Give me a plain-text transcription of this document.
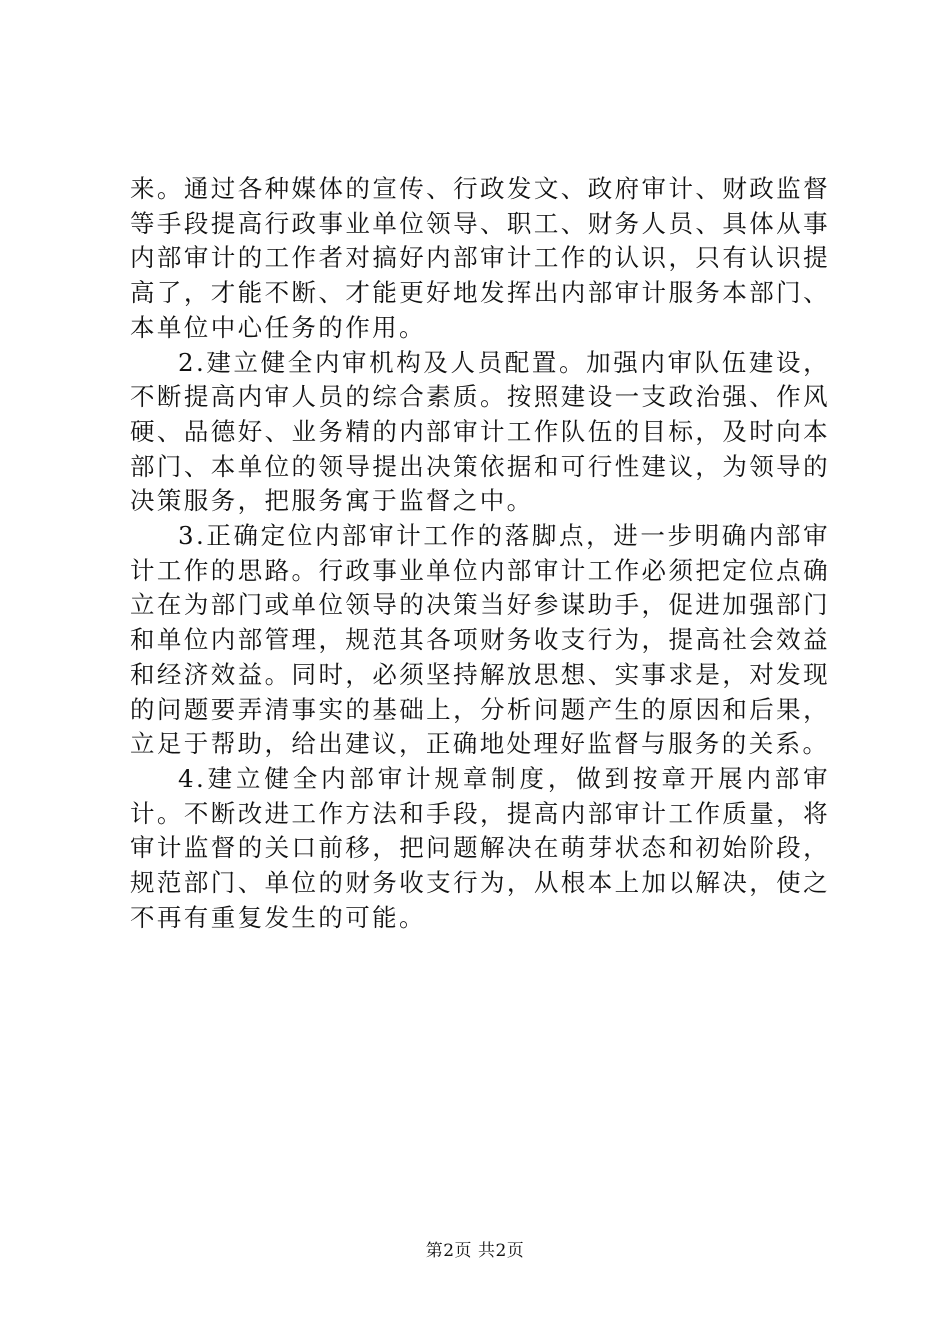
来。通过各种媒体的宣传、行政发文、政府审计、财政监督等手段提高行政事业单位领导、职工、财务人员、具体从事内部审计的工作者对搞好内部审计工作的认识，只有认识提高了，才能不断、才能更好地发挥出内部审计服务本部门、本单位中心任务的作用。

2.建立健全内审机构及人员配置。加强内审队伍建设，不断提高内审人员的综合素质。按照建设一支政治强、作风硬、品德好、业务精的内部审计工作队伍的目标，及时向本部门、本单位的领导提出决策依据和可行性建议，为领导的决策服务，把服务寓于监督之中。

3.正确定位内部审计工作的落脚点，进一步明确内部审计工作的思路。行政事业单位内部审计工作必须把定位点确立在为部门或单位领导的决策当好参谋助手，促进加强部门和单位内部管理，规范其各项财务收支行为，提高社会效益和经济效益。同时，必须坚持解放思想、实事求是，对发现的问题要弄清事实的基础上，分析问题产生的原因和后果，立足于帮助，给出建议，正确地处理好监督与服务的关系。

4.建立健全内部审计规章制度，做到按章开展内部审计。不断改进工作方法和手段，提高内部审计工作质量，将审计监督的关口前移，把问题解决在萌芽状态和初始阶段，规范部门、单位的财务收支行为，从根本上加以解决，使之不再有重复发生的可能。

第2页 共2页
